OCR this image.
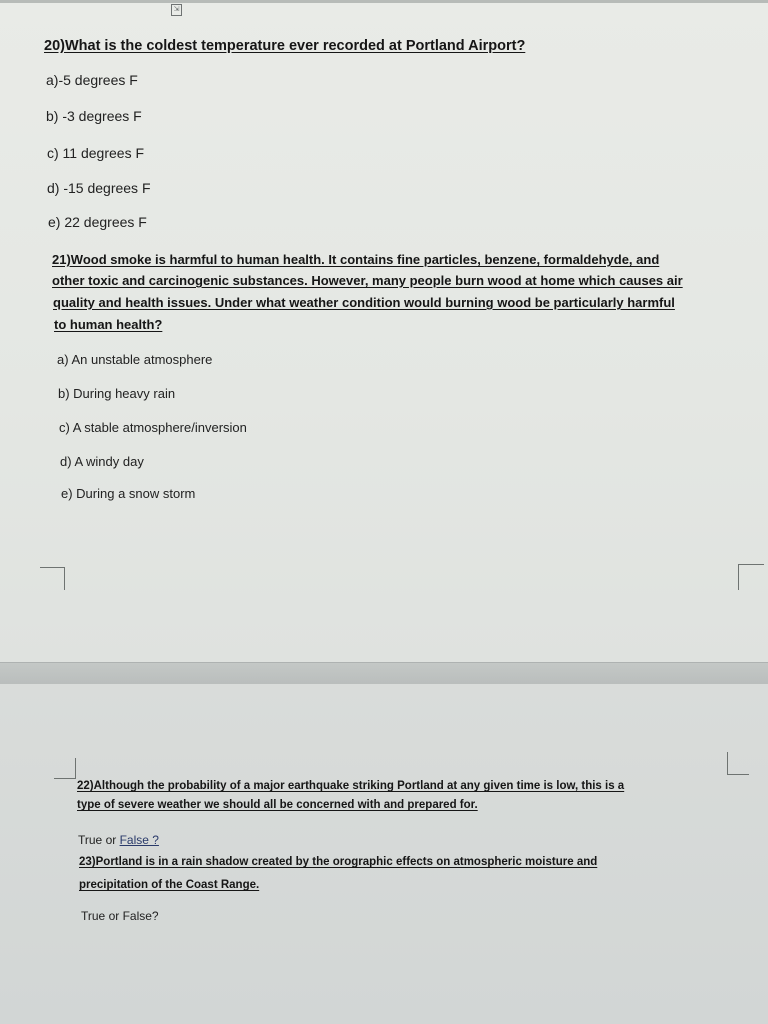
⇲
20)What is the coldest temperature ever recorded at Portland Airport?
a)-5 degrees F
b) -3 degrees F
c) 11 degrees F
d) -15 degrees F
e) 22 degrees F
21)Wood smoke is harmful to human health. It contains fine particles, benzene, formaldehyde, and
other toxic and carcinogenic substances. However, many people burn wood at home which causes air
quality and health issues. Under what weather condition would burning wood be particularly harmful
to human health?
a) An unstable atmosphere
b) During heavy rain
c) A stable atmosphere/inversion
d) A windy day
e) During a snow storm
22)Although the probability of a major earthquake striking Portland at any given time is low, this is a
type of severe weather we should all be concerned with and prepared for.
True or False ?
23)Portland is in a rain shadow created by the orographic effects on atmospheric moisture and
precipitation of the Coast Range.
True or False?
